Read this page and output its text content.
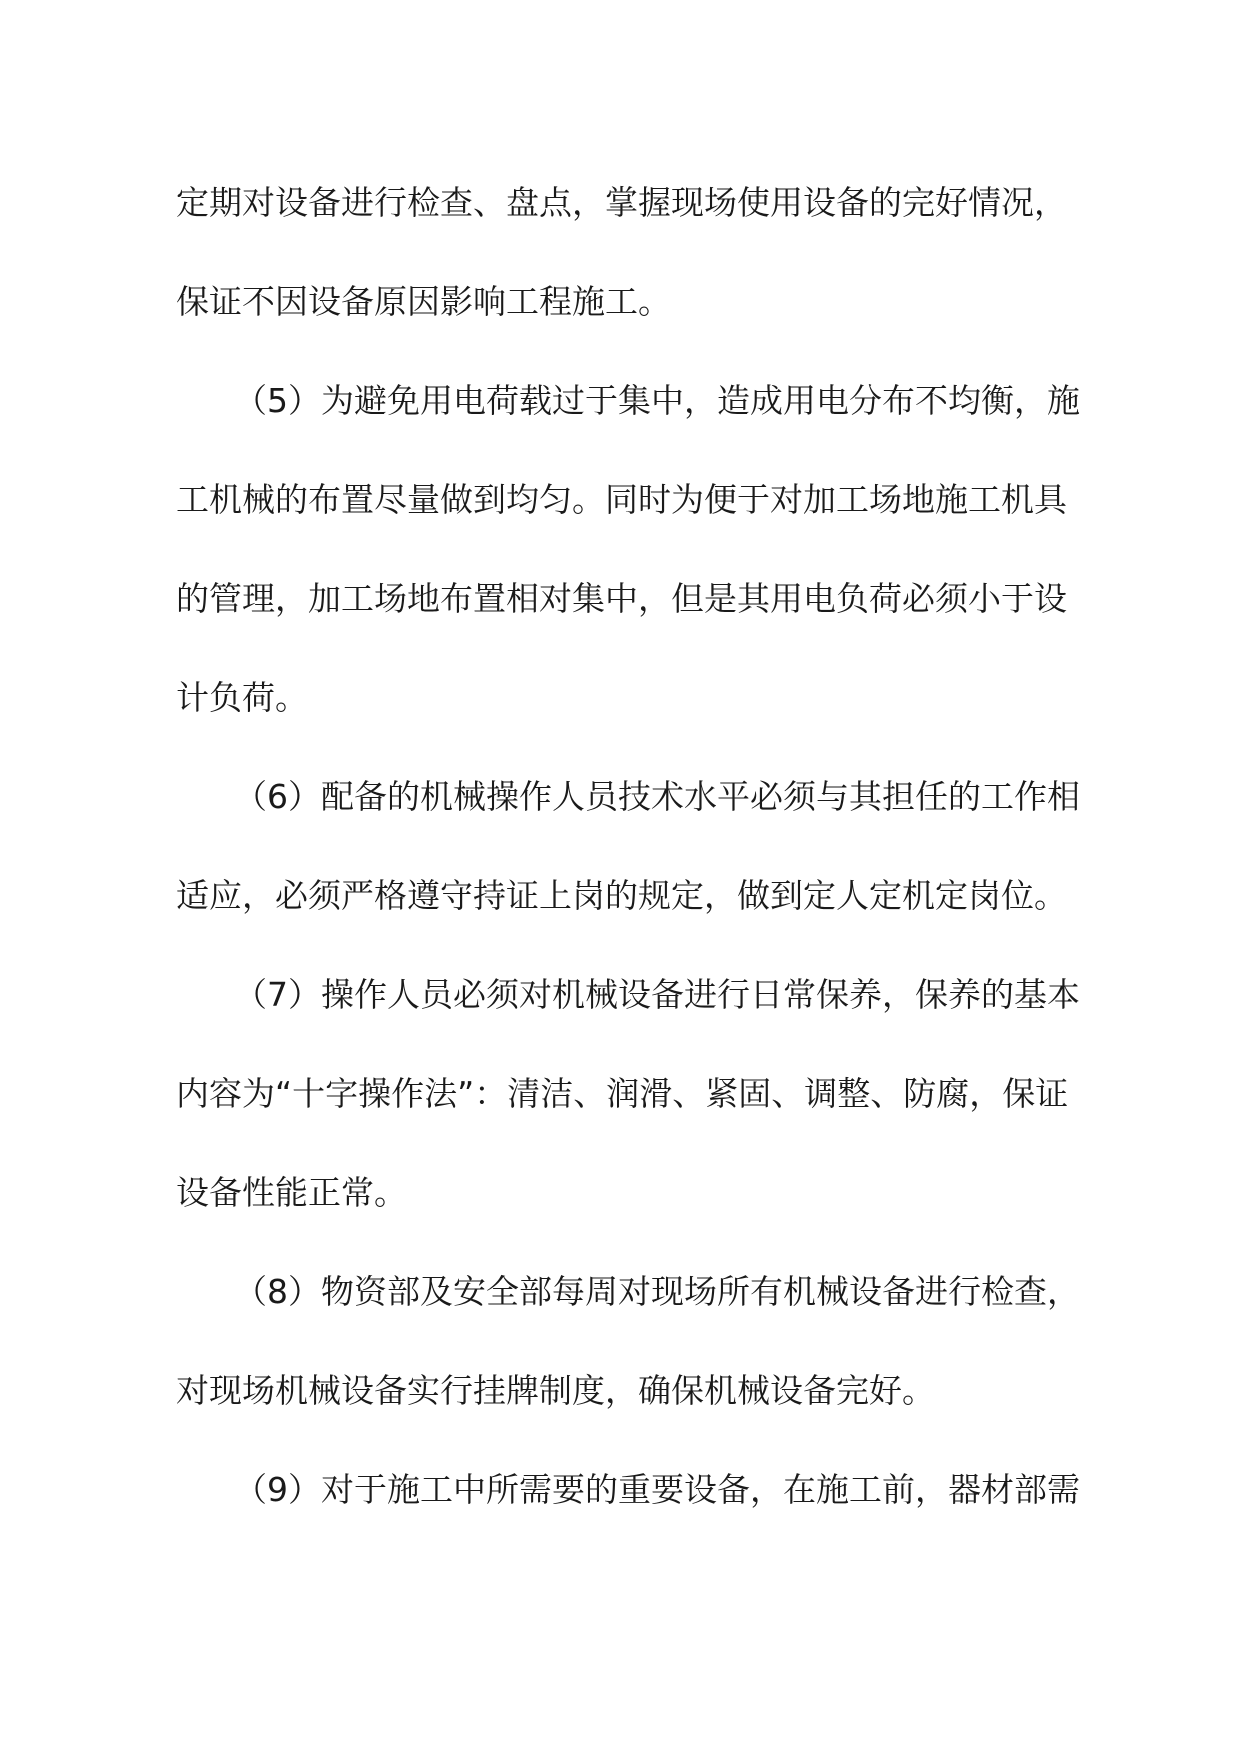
定期对设备进行检查、盘点，掌握现场使用设备的完好情况，
保证不因设备原因影响工程施工。
（5）为避免用电荷载过于集中，造成用电分布不均衡，施
工机械的布置尽量做到均匀。同时为便于对加工场地施工机具
的管理，加工场地布置相对集中，但是其用电负荷必须小于设
计负荷。
（6）配备的机械操作人员技术水平必须与其担任的工作相
适应，必须严格遵守持证上岗的规定，做到定人定机定岗位。
（7）操作人员必须对机械设备进行日常保养，保养的基本
内容为“十字操作法”：清洁、润滑、紧固、调整、防腐，保证
设备性能正常。
（8）物资部及安全部每周对现场所有机械设备进行检查，
对现场机械设备实行挂牌制度，确保机械设备完好。
（9）对于施工中所需要的重要设备，在施工前，器材部需
